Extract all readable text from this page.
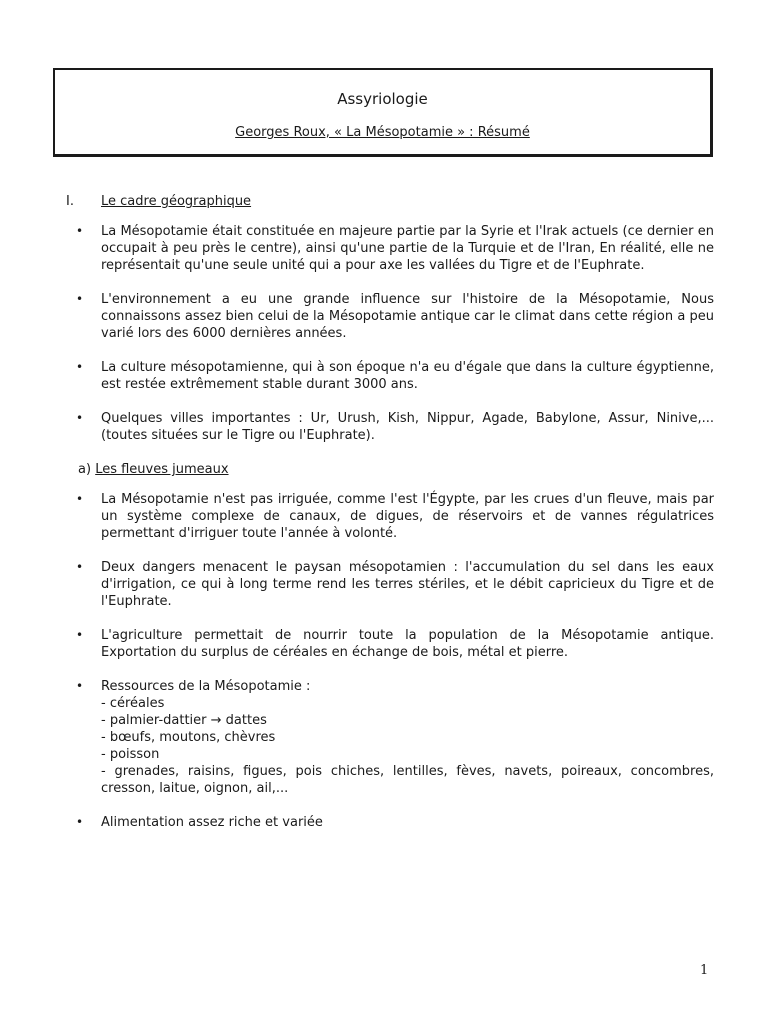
Assyriologie

Georges Roux, « La Mésopotamie » : Résumé

I.	Le cadre géographique
• La Mésopotamie était constituée en majeure partie par la Syrie et l'Irak actuels (ce dernier en occupait à peu près le centre), ainsi qu'une partie de la Turquie et de l'Iran, En réalité, elle ne représentait qu'une seule unité qui a pour axe les vallées du Tigre et de l'Euphrate.
• L'environnement a eu une grande influence sur l'histoire de la Mésopotamie, Nous connaissons assez bien celui de la Mésopotamie antique car le climat dans cette région a peu varié lors des 6000 dernières années.
• La culture mésopotamienne, qui à son époque n'a eu d'égale que dans la culture égyptienne, est restée extrêmement stable durant 3000 ans.
• Quelques villes importantes : Ur, Urush, Kish, Nippur, Agade, Babylone, Assur, Ninive,... (toutes situées sur le Tigre ou l'Euphrate).
a) Les fleuves jumeaux
• La Mésopotamie n'est pas irriguée, comme l'est l'Égypte, par les crues d'un fleuve, mais par un système complexe de canaux, de digues, de réservoirs et de vannes régulatrices permettant d'irriguer toute l'année à volonté.
• Deux dangers menacent le paysan mésopotamien : l'accumulation du sel dans les eaux d'irrigation, ce qui à long terme rend les terres stériles, et le débit capricieux du Tigre et de l'Euphrate.
• L'agriculture permettait de nourrir toute la population de la Mésopotamie antique. Exportation du surplus de céréales en échange de bois, métal et pierre.
• Ressources de la Mésopotamie :
- céréales
- palmier-dattier → dattes
- bœufs, moutons, chèvres
- poisson
- grenades, raisins, figues, pois chiches, lentilles, fèves, navets, poireaux, concombres, cresson, laitue, oignon, ail,...
• Alimentation assez riche et variée
1
